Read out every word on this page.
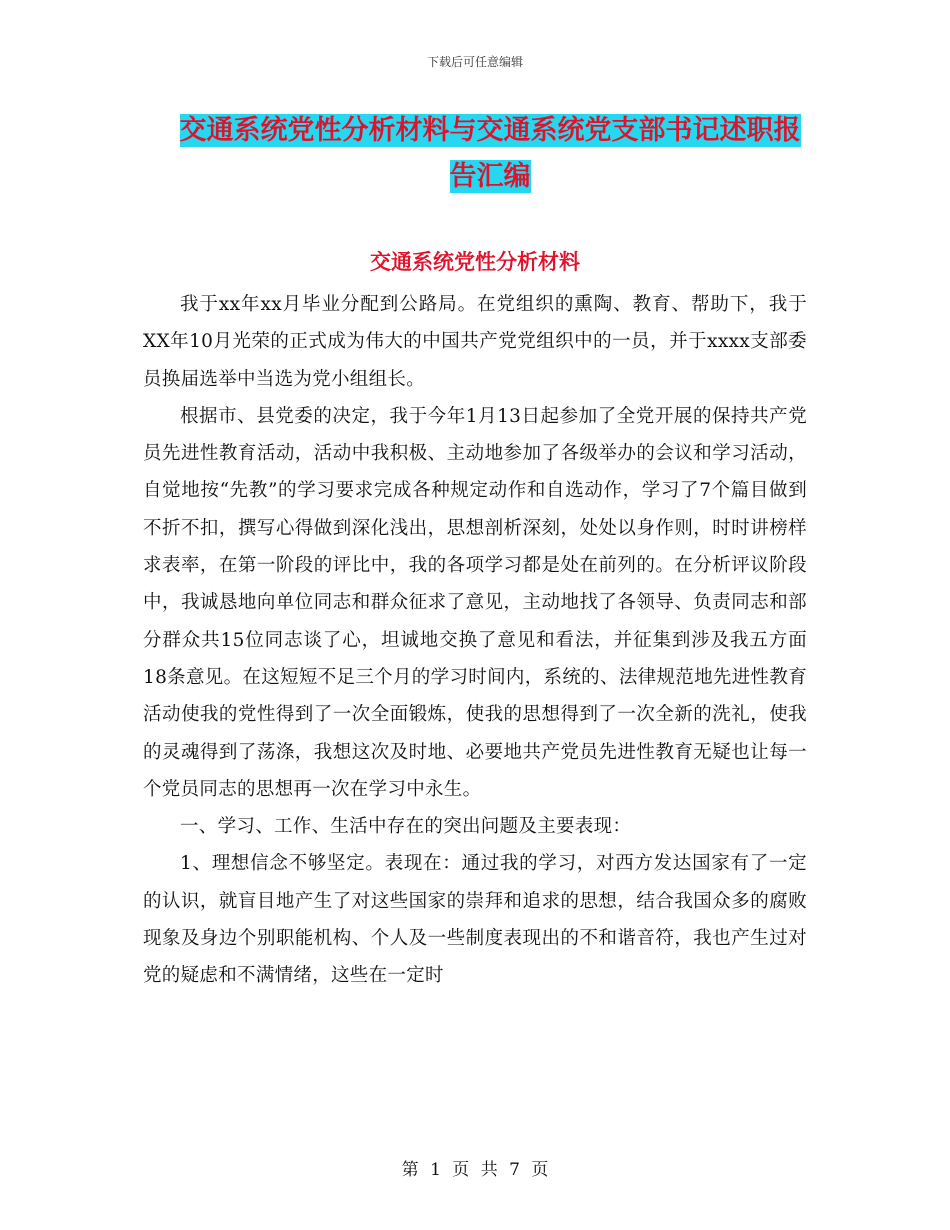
下载后可任意编辑
交通系统党性分析材料与交通系统党支部书记述职报
告汇编
交通系统党性分析材料

我于xx年xx月毕业分配到公路局。在党组织的熏陶、教育、帮助下，我于XX年10月光荣的正式成为伟大的中国共产党党组织中的一员，并于xxxx支部委员换届选举中当选为党小组组长。

根据市、县党委的决定，我于今年1月13日起参加了全党开展的保持共产党员先进性教育活动，活动中我积极、主动地参加了各级举办的会议和学习活动，自觉地按“先教”的学习要求完成各种规定动作和自选动作，学习了7个篇目做到不折不扣，撰写心得做到深化浅出，思想剖析深刻，处处以身作则，时时讲榜样求表率，在第一阶段的评比中，我的各项学习都是处在前列的。在分析评议阶段中，我诚恳地向单位同志和群众征求了意见，主动地找了各领导、负责同志和部分群众共15位同志谈了心，坦诚地交换了意见和看法，并征集到涉及我五方面18条意见。在这短短不足三个月的学习时间内，系统的、法律规范地先进性教育活动使我的党性得到了一次全面锻炼，使我的思想得到了一次全新的洗礼，使我的灵魂得到了荡涤，我想这次及时地、必要地共产党员先进性教育无疑也让每一个党员同志的思想再一次在学习中永生。

一、学习、工作、生活中存在的突出问题及主要表现：

1、理想信念不够坚定。表现在：通过我的学习，对西方发达国家有了一定的认识，就盲目地产生了对这些国家的崇拜和追求的思想，结合我国众多的腐败现象及身边个别职能机构、个人及一些制度表现出的不和谐音符，我也产生过对党的疑虑和不满情绪，这些在一定时

第 1 页 共 7 页
